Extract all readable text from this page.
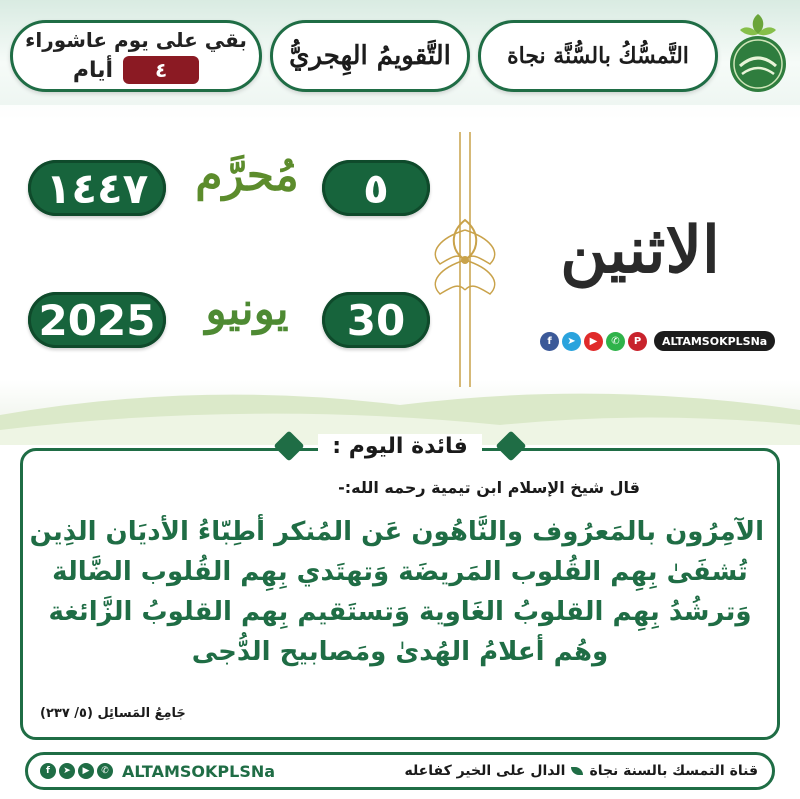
بقي على يوم عاشوراء
٤
أيام	التَّقويمُ الهِجريُّ	التَّمسُّكُ بالسُّنَّة نجاة
١٤٤٧	مُحرَّم	٥
2025	يونيو	30
الاثنين
f	➤	▶	✆	P	ALTAMSOKPLSNa
فائدة اليوم :
قال شيخ الإسلام ابن تيمية رحمه الله:-
الآمِرُون بالمَعرُوف والنَّاهُون عَن المُنكر أطِبّاءُ الأديَان الذِين
تُشفَىٰ بِهِم القُلوب المَريضَة وَتهتَدي بِهِم القُلوب الضَّالة
وَترشُدُ بِهِم القلوبُ الغَاوية وَتستَقيم بِهم القلوبُ الزَّائغة
وهُم أعلامُ الهُدىٰ ومَصابيح الدُّجى
جَامِعُ المَسائِل (٥/ ٢٣٧)
f	➤	▶	✆ ALTAMSOKPLSNa	قناة التمسك بالسنة نجاة
الدال على الخير كفاعله
